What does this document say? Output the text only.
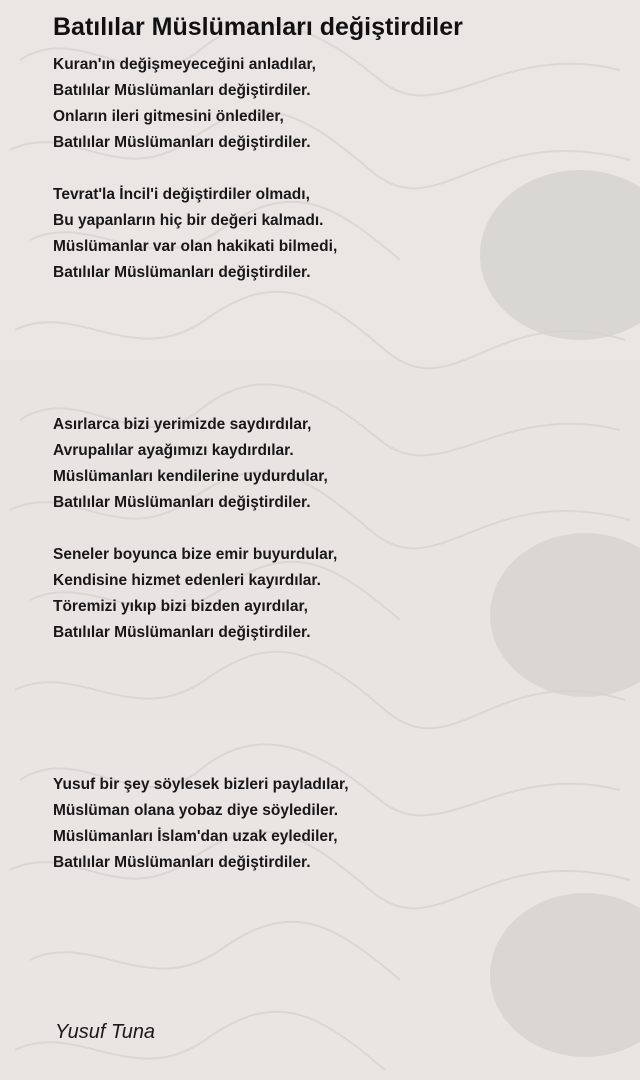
Batılılar Müslümanları değiştirdiler
Kuran'ın değişmeyeceğini anladılar,
Batılılar Müslümanları değiştirdiler.
Onların ileri gitmesini önlediler,
Batılılar Müslümanları değiştirdiler.
Tevrat'la İncil'i değiştirdiler olmadı,
Bu yapanların hiç bir değeri kalmadı.
Müslümanlar var olan hakikati bilmedi,
Batılılar Müslümanları değiştirdiler.
Asırlarca bizi yerimizde saydırdılar,
Avrupalılar ayağımızı kaydırdılar.
Müslümanları kendilerine uydurdular,
Batılılar Müslümanları değiştirdiler.
Seneler boyunca bize emir buyurdular,
Kendisine hizmet edenleri kayırdılar.
Töremizi yıkıp bizi bizden ayırdılar,
Batılılar Müslümanları değiştirdiler.
Yusuf bir şey söylesek bizleri payladılar,
Müslüman olana yobaz diye söylediler.
Müslümanları İslam'dan uzak eylediler,
Batılılar Müslümanları değiştirdiler.
Yusuf Tuna
